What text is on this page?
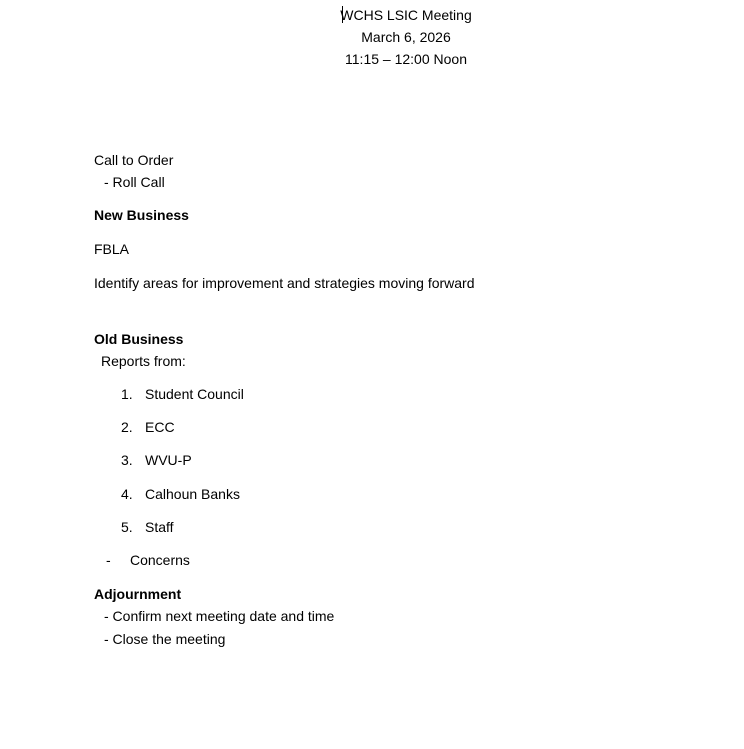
WCHS LSIC Meeting
March 6, 2026
11:15 – 12:00 Noon
Call to Order
- Roll Call
New Business
FBLA
Identify areas for improvement and strategies moving forward
Old Business
Reports from:
1. Student Council
2. ECC
3. WVU-P
4. Calhoun Banks
5. Staff
- Concerns
Adjournment
- Confirm next meeting date and time
- Close the meeting
